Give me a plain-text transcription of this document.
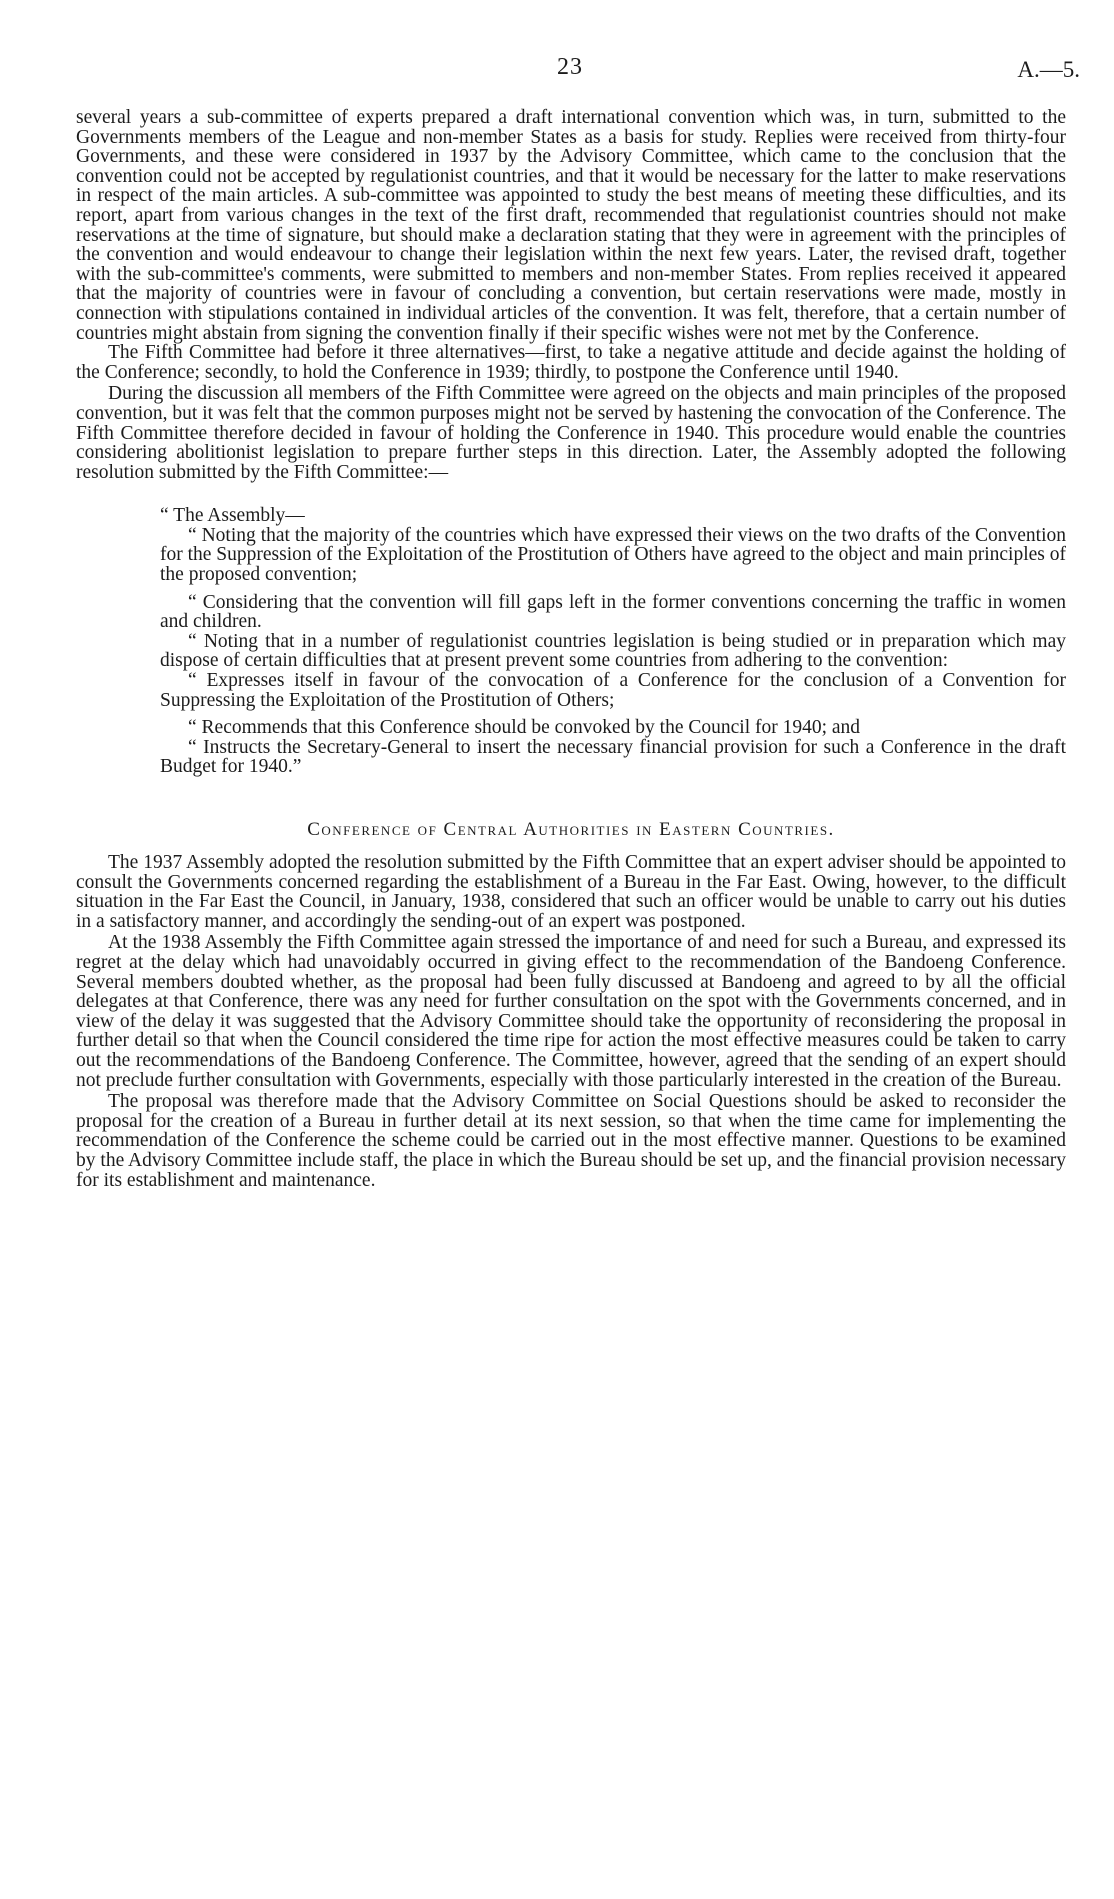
23	A.—5.

several years a sub-committee of experts prepared a draft international convention which was, in turn, submitted to the Governments members of the League and non-member States as a basis for study. Replies were received from thirty-four Governments, and these were considered in 1937 by the Advisory Committee, which came to the conclusion that the convention could not be accepted by regulationist countries, and that it would be necessary for the latter to make reservations in respect of the main articles. A sub-committee was appointed to study the best means of meeting these difficulties, and its report, apart from various changes in the text of the first draft, recommended that regulationist countries should not make reservations at the time of signature, but should make a declaration stating that they were in agreement with the principles of the convention and would endeavour to change their legislation within the next few years. Later, the revised draft, together with the sub-committee's comments, were submitted to members and non-member States. From replies received it appeared that the majority of countries were in favour of concluding a convention, but certain reservations were made, mostly in connection with stipulations contained in individual articles of the convention. It was felt, therefore, that a certain number of countries might abstain from signing the convention finally if their specific wishes were not met by the Conference.

The Fifth Committee had before it three alternatives—first, to take a negative attitude and decide against the holding of the Conference; secondly, to hold the Conference in 1939; thirdly, to postpone the Conference until 1940.

During the discussion all members of the Fifth Committee were agreed on the objects and main principles of the proposed convention, but it was felt that the common purposes might not be served by hastening the convocation of the Conference. The Fifth Committee therefore decided in favour of holding the Conference in 1940. This procedure would enable the countries considering abolitionist legislation to prepare further steps in this direction. Later, the Assembly adopted the following resolution submitted by the Fifth Committee:—

“ The Assembly—

“ Noting that the majority of the countries which have expressed their views on the two drafts of the Convention for the Suppression of the Exploitation of the Prostitution of Others have agreed to the object and main principles of the proposed convention;

“ Considering that the convention will fill gaps left in the former conventions concerning the traffic in women and children.

“ Noting that in a number of regulationist countries legislation is being studied or in preparation which may dispose of certain difficulties that at present prevent some countries from adhering to the convention:

“ Expresses itself in favour of the convocation of a Conference for the conclusion of a Convention for Suppressing the Exploitation of the Prostitution of Others;

“ Recommends that this Conference should be convoked by the Council for 1940; and

“ Instructs the Secretary-General to insert the necessary financial provision for such a Conference in the draft Budget for 1940.”

Conference of Central Authorities in Eastern Countries.

The 1937 Assembly adopted the resolution submitted by the Fifth Committee that an expert adviser should be appointed to consult the Governments concerned regarding the establishment of a Bureau in the Far East. Owing, however, to the difficult situation in the Far East the Council, in January, 1938, considered that such an officer would be unable to carry out his duties in a satisfactory manner, and accordingly the sending-out of an expert was postponed.

At the 1938 Assembly the Fifth Committee again stressed the importance of and need for such a Bureau, and expressed its regret at the delay which had unavoidably occurred in giving effect to the recommendation of the Bandoeng Conference. Several members doubted whether, as the proposal had been fully discussed at Bandoeng and agreed to by all the official delegates at that Conference, there was any need for further consultation on the spot with the Governments concerned, and in view of the delay it was suggested that the Advisory Committee should take the opportunity of reconsidering the proposal in further detail so that when the Council considered the time ripe for action the most effective measures could be taken to carry out the recommendations of the Bandoeng Conference. The Committee, however, agreed that the sending of an expert should not preclude further consultation with Governments, especially with those particularly interested in the creation of the Bureau.

The proposal was therefore made that the Advisory Committee on Social Questions should be asked to reconsider the proposal for the creation of a Bureau in further detail at its next session, so that when the time came for implementing the recommendation of the Conference the scheme could be carried out in the most effective manner. Questions to be examined by the Advisory Committee include staff, the place in which the Bureau should be set up, and the financial provision necessary for its establishment and maintenance.
